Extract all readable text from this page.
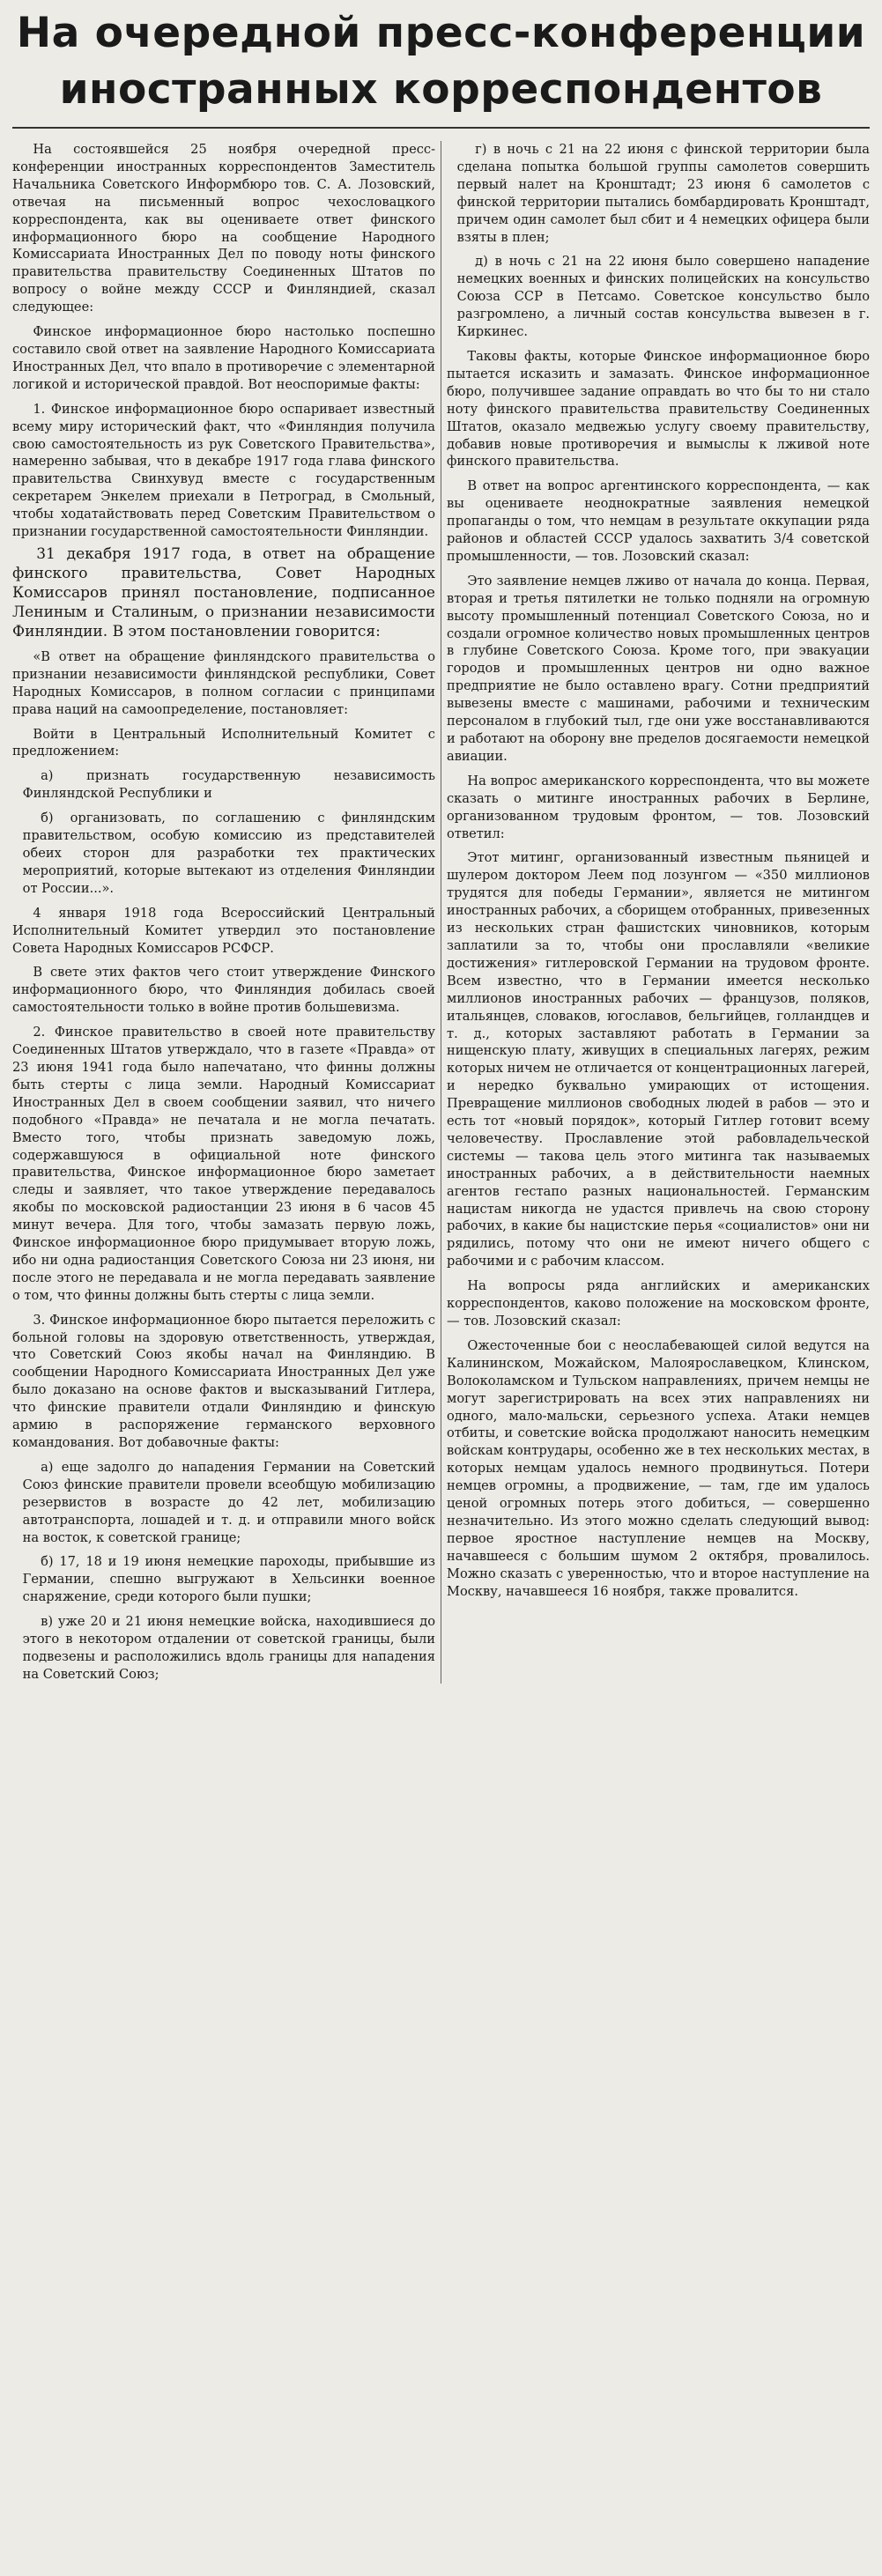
На очередной пресс-конференции
иностранных корреспондентов

На состоявшейся 25 ноября очередной пресс-конференции иностранных корреспондентов Заместитель Начальника Советского Информбюро тов. С. А. Лозовский, отвечая на письменный вопрос чехословацкого корреспондента, как вы оцениваете ответ финского информационного бюро на сообщение Народного Комиссариата Иностранных Дел по поводу ноты финского правительства правительству Соединенных Штатов по вопросу о войне между СССР и Финляндией, сказал следующее:

Финское информационное бюро настолько поспешно составило свой ответ на заявление Народного Комиссариата Иностранных Дел, что впало в противоречие с элементарной логикой и исторической правдой. Вот неоспоримые факты:

1. Финское информационное бюро оспаривает известный всему миру исторический факт, что «Финляндия получила свою самостоятельность из рук Советского Правительства», намеренно забывая, что в декабре 1917 года глава финского правительства Свинхувуд вместе с государственным секретарем Энкелем приехали в Петроград, в Смольный, чтобы ходатайствовать перед Советским Правительством о признании государственной самостоятельности Финляндии.

31 декабря 1917 года, в ответ на обращение финского правительства, Совет Народных Комиссаров принял постановление, подписанное Лениным и Сталиным, о признании независимости Финляндии. В этом постановлении говорится:

«В ответ на обращение финляндского правительства о признании независимости финляндской республики, Совет Народных Комиссаров, в полном согласии с принципами права наций на самоопределение, постановляет:

Войти в Центральный Исполнительный Комитет с предложением:

а) признать государственную независимость Финляндской Республики и

б) организовать, по соглашению с финляндским правительством, особую комиссию из представителей обеих сторон для разработки тех практических мероприятий, которые вытекают из отделения Финляндии от России...».

4 января 1918 года Всероссийский Центральный Исполнительный Комитет утвердил это постановление Совета Народных Комиссаров РСФСР.

В свете этих фактов чего стоит утверждение Финского информационного бюро, что Финляндия добилась своей самостоятельности только в войне против большевизма.

2. Финское правительство в своей ноте правительству Соединенных Штатов утверждало, что в газете «Правда» от 23 июня 1941 года было напечатано, что финны должны быть стерты с лица земли. Народный Комиссариат Иностранных Дел в своем сообщении заявил, что ничего подобного «Правда» не печатала и не могла печатать. Вместо того, чтобы признать заведомую ложь, содержавшуюся в официальной ноте финского правительства, Финское информационное бюро заметает следы и заявляет, что такое утверждение передавалось якобы по московской радиостанции 23 июня в 6 часов 45 минут вечера. Для того, чтобы замазать первую ложь, Финское информационное бюро придумывает вторую ложь, ибо ни одна радиостанция Советского Союза ни 23 июня, ни после этого не передавала и не могла передавать заявление о том, что финны должны быть стерты с лица земли.

3. Финское информационное бюро пытается переложить с больной головы на здоровую ответственность, утверждая, что Советский Союз якобы начал на Финляндию. В сообщении Народного Комиссариата Иностранных Дел уже было доказано на основе фактов и высказываний Гитлера, что финские правители отдали Финляндию и финскую армию в распоряжение германского верховного командования. Вот добавочные факты:

а) еще задолго до нападения Германии на Советский Союз финские правители провели всеобщую мобилизацию резервистов в возрасте до 42 лет, мобилизацию автотранспорта, лошадей и т. д. и отправили много войск на восток, к советской границе;

б) 17, 18 и 19 июня немецкие пароходы, прибывшие из Германии, спешно выгружают в Хельсинки военное снаряжение, среди которого были пушки;

в) уже 20 и 21 июня немецкие войска, находившиеся до этого в некотором отдалении от советской границы, были подвезены и расположились вдоль границы для нападения на Советский Союз;

г) в ночь с 21 на 22 июня с финской территории была сделана попытка большой группы самолетов совершить первый налет на Кронштадт; 23 июня 6 самолетов с финской территории пытались бомбардировать Кронштадт, причем один самолет был сбит и 4 немецких офицера были взяты в плен;

д) в ночь с 21 на 22 июня было совершено нападение немецких военных и финских полицейских на консульство Союза ССР в Петсамо. Советское консульство было разгромлено, а личный состав консульства вывезен в г. Киркинес.

Таковы факты, которые Финское информационное бюро пытается исказить и замазать. Финское информационное бюро, получившее задание оправдать во что бы то ни стало ноту финского правительства правительству Соединенных Штатов, оказало медвежью услугу своему правительству, добавив новые противоречия и вымыслы к лживой ноте финского правительства.

В ответ на вопрос аргентинского корреспондента, — как вы оцениваете неоднократные заявления немецкой пропаганды о том, что немцам в результате оккупации ряда районов и областей СССР удалось захватить 3/4 советской промышленности, — тов. Лозовский сказал:

Это заявление немцев лживо от начала до конца. Первая, вторая и третья пятилетки не только подняли на огромную высоту промышленный потенциал Советского Союза, но и создали огромное количество новых промышленных центров в глубине Советского Союза. Кроме того, при эвакуации городов и промышленных центров ни одно важное предприятие не было оставлено врагу. Сотни предприятий вывезены вместе с машинами, рабочими и техническим персоналом в глубокий тыл, где они уже восстанавливаются и работают на оборону вне пределов досягаемости немецкой авиации.

На вопрос американского корреспондента, что вы можете сказать о митинге иностранных рабочих в Берлине, организованном трудовым фронтом, — тов. Лозовский ответил:

Этот митинг, организованный известным пьяницей и шулером доктором Леем под лозунгом — «350 миллионов трудятся для победы Германии», является не митингом иностранных рабочих, а сборищем отобранных, привезенных из нескольких стран фашистских чиновников, которым заплатили за то, чтобы они прославляли «великие достижения» гитлеровской Германии на трудовом фронте. Всем известно, что в Германии имеется несколько миллионов иностранных рабочих — французов, поляков, итальянцев, словаков, югославов, бельгийцев, голландцев и т. д., которых заставляют работать в Германии за нищенскую плату, живущих в специальных лагерях, режим которых ничем не отличается от концентрационных лагерей, и нередко буквально умирающих от истощения. Превращение миллионов свободных людей в рабов — это и есть тот «новый порядок», который Гитлер готовит всему человечеству. Прославление этой рабовладельческой системы — такова цель этого митинга так называемых иностранных рабочих, а в действительности наемных агентов гестапо разных национальностей. Германским нацистам никогда не удастся привлечь на свою сторону рабочих, в какие бы нацистские перья «социалистов» они ни рядились, потому что они не имеют ничего общего с рабочими и с рабочим классом.

На вопросы ряда английских и американских корреспондентов, каково положение на московском фронте, — тов. Лозовский сказал:

Ожесточенные бои с неослабевающей силой ведутся на Калининском, Можайском, Малоярославецком, Клинском, Волоколамском и Тульском направлениях, причем немцы не могут зарегистрировать на всех этих направлениях ни одного, мало-мальски, серьезного успеха. Атаки немцев отбиты, и советские войска продолжают наносить немецким войскам контрудары, особенно же в тех нескольких местах, в которых немцам удалось немного продвинуться. Потери немцев огромны, а продвижение, — там, где им удалось ценой огромных потерь этого добиться, — совершенно незначительно. Из этого можно сделать следующий вывод: первое яростное наступление немцев на Москву, начавшееся с большим шумом 2 октября, провалилось. Можно сказать с уверенностью, что и второе наступление на Москву, начавшееся 16 ноября, также провалится.
